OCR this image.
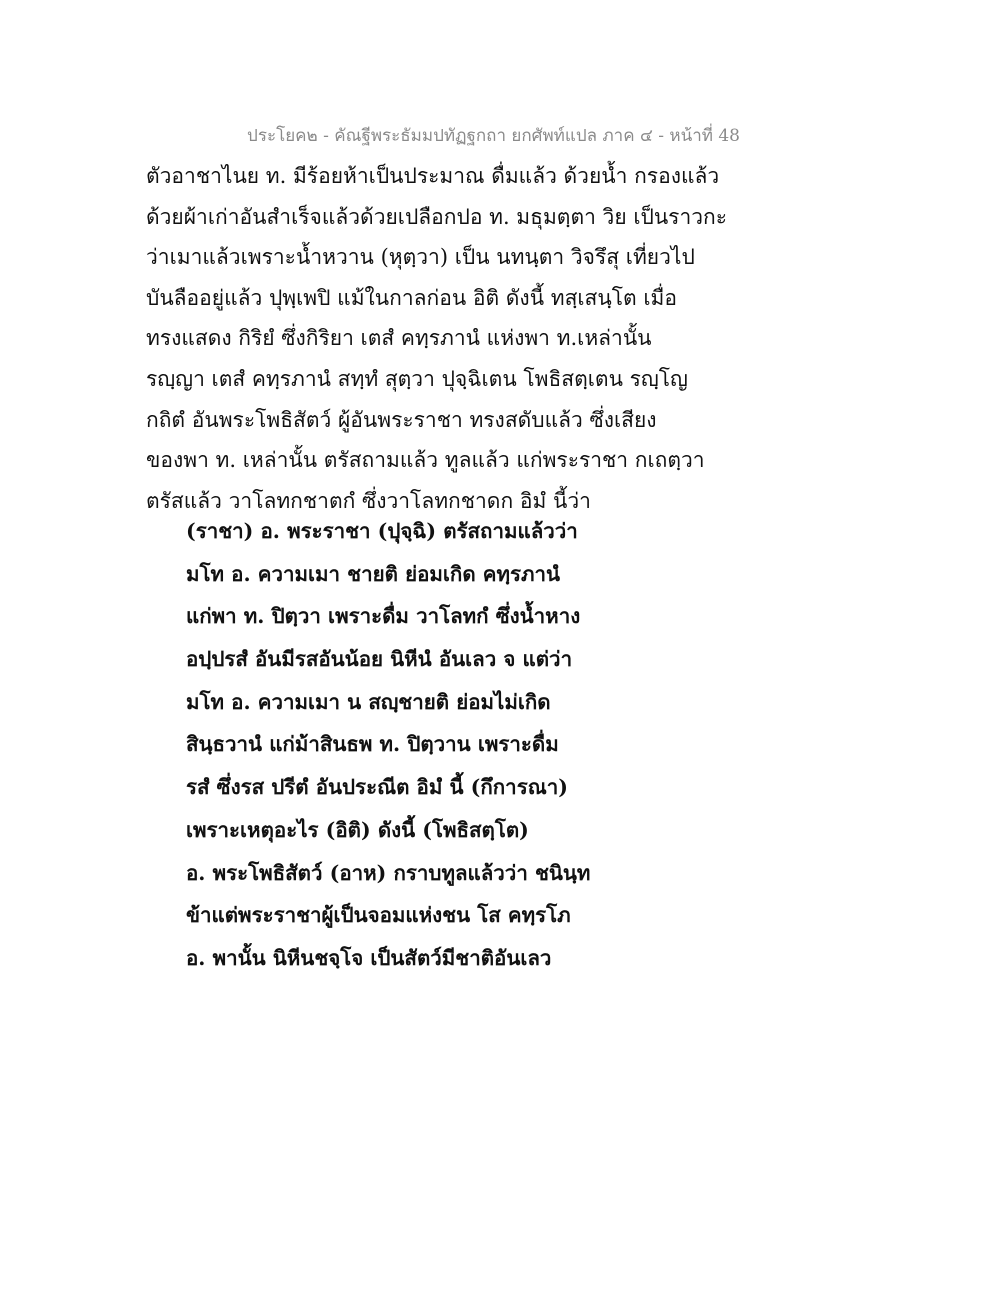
ประโยค๒ - คัณฐีพระธัมมปทัฏฐกถา ยกศัพท์แปล ภาค ๔ - หน้าที่ 48
ตัวอาชาไนย ท. มีร้อยห้าเป็นประมาณ ดื่มแล้ว ด้วยน้ำ กรองแล้ว
ด้วยผ้าเก่าอันสำเร็จแล้วด้วยเปลือกปอ ท. มธุมตฺตา วิย เป็นราวกะ
ว่าเมาแล้วเพราะน้ำหวาน (หุตฺวา) เป็น นทนฺตา วิจรึสุ เที่ยวไป
บันลืออยู่แล้ว ปุพฺเพปิ แม้ในกาลก่อน อิติ ดังนี้ ทสฺเสนฺโต เมื่อ
ทรงแสดง กิริยํ ซึ่งกิริยา เตสํ คทฺรภานํ แห่งพา ท.เหล่านั้น
รญฺญา เตสํ คทฺรภานํ สทฺทํ สุตฺวา ปุจฺฉิเตน โพธิสตฺเตน รญฺโญ
กถิตํ อันพระโพธิสัตว์ ผู้อันพระราชา ทรงสดับแล้ว ซึ่งเสียง
ของพา ท. เหล่านั้น ตรัสถามแล้ว ทูลแล้ว แก่พระราชา กเถตฺวา
ตรัสแล้ว วาโลทกชาตกํ ซึ่งวาโลทกชาดก อิมํ นี้ว่า
(ราชา) อ. พระราชา (ปุจฺฉิ) ตรัสถามแล้วว่า
มโท อ. ความเมา ชายติ ย่อมเกิด คทฺรภานํ
แก่พา ท. ปิตฺวา เพราะดื่ม วาโลทกํ ซึ่งน้ำหาง
อปฺปรสํ อันมีรสอันน้อย นิหีนํ อันเลว จ แต่ว่า
มโท อ. ความเมา น สญฺชายติ ย่อมไม่เกิด
สินฺธวานํ แก่ม้าสินธพ ท. ปิตฺวาน เพราะดื่ม
รสํ ซึ่งรส ปรีตํ อันประณีต อิมํ นี้ (กึการณา)
เพราะเหตุอะไร (อิติ) ดังนี้ (โพธิสตฺโต)
อ. พระโพธิสัตว์ (อาห) กราบทูลแล้วว่า ชนินฺท
ข้าแต่พระราชาผู้เป็นจอมแห่งชน โส คทฺรโภ
อ. พานั้น นิหีนชจฺโจ เป็นสัตว์มีชาติอันเลว
